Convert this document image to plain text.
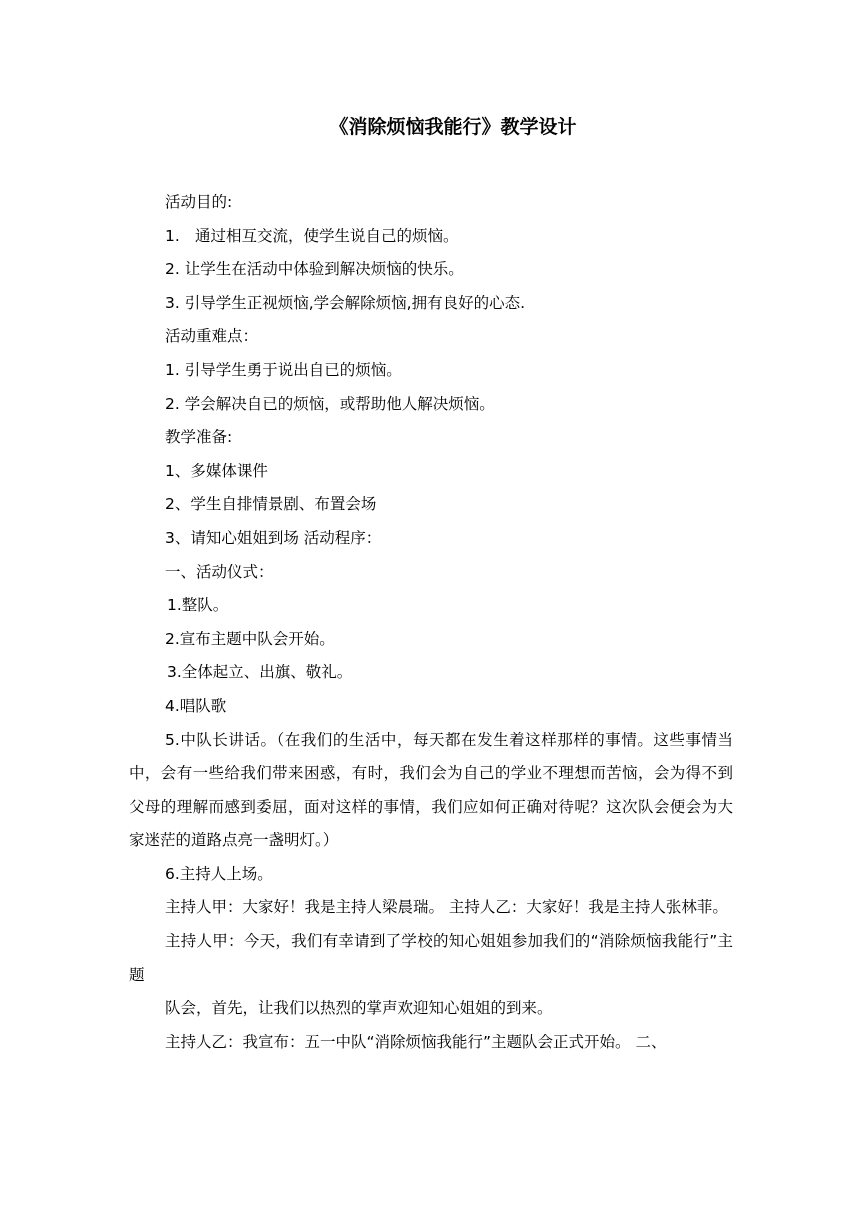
《消除烦恼我能行》教学设计

活动目的:

1. 通过相互交流，使学生说自己的烦恼。

2. 让学生在活动中体验到解决烦恼的快乐。

3. 引导学生正视烦恼,学会解除烦恼,拥有良好的心态.

活动重难点：

1. 引导学生勇于说出自已的烦恼。

2. 学会解决自已的烦恼，或帮助他人解决烦恼。

教学准备:

1、多媒体课件

2、学生自排情景剧、布置会场

3、请知心姐姐到场 活动程序：

一、活动仪式：

1.整队。

2.宣布主题中队会开始。

3.全体起立、出旗、敬礼。

4.唱队歌

5.中队长讲话。（在我们的生活中，每天都在发生着这样那样的事情。这些事情当中，会有一些给我们带来困惑，有时，我们会为自己的学业不理想而苦恼，会为得不到父母的理解而感到委屈，面对这样的事情，我们应如何正确对待呢？这次队会便会为大家迷茫的道路点亮一盏明灯。）

6.主持人上场。

主持人甲：大家好！我是主持人梁晨瑞。 主持人乙：大家好！我是主持人张林菲。

主持人甲：今天，我们有幸请到了学校的知心姐姐参加我们的“消除烦恼我能行”主题

队会，首先，让我们以热烈的掌声欢迎知心姐姐的到来。

主持人乙：我宣布：五一中队“消除烦恼我能行”主题队会正式开始。 二、
